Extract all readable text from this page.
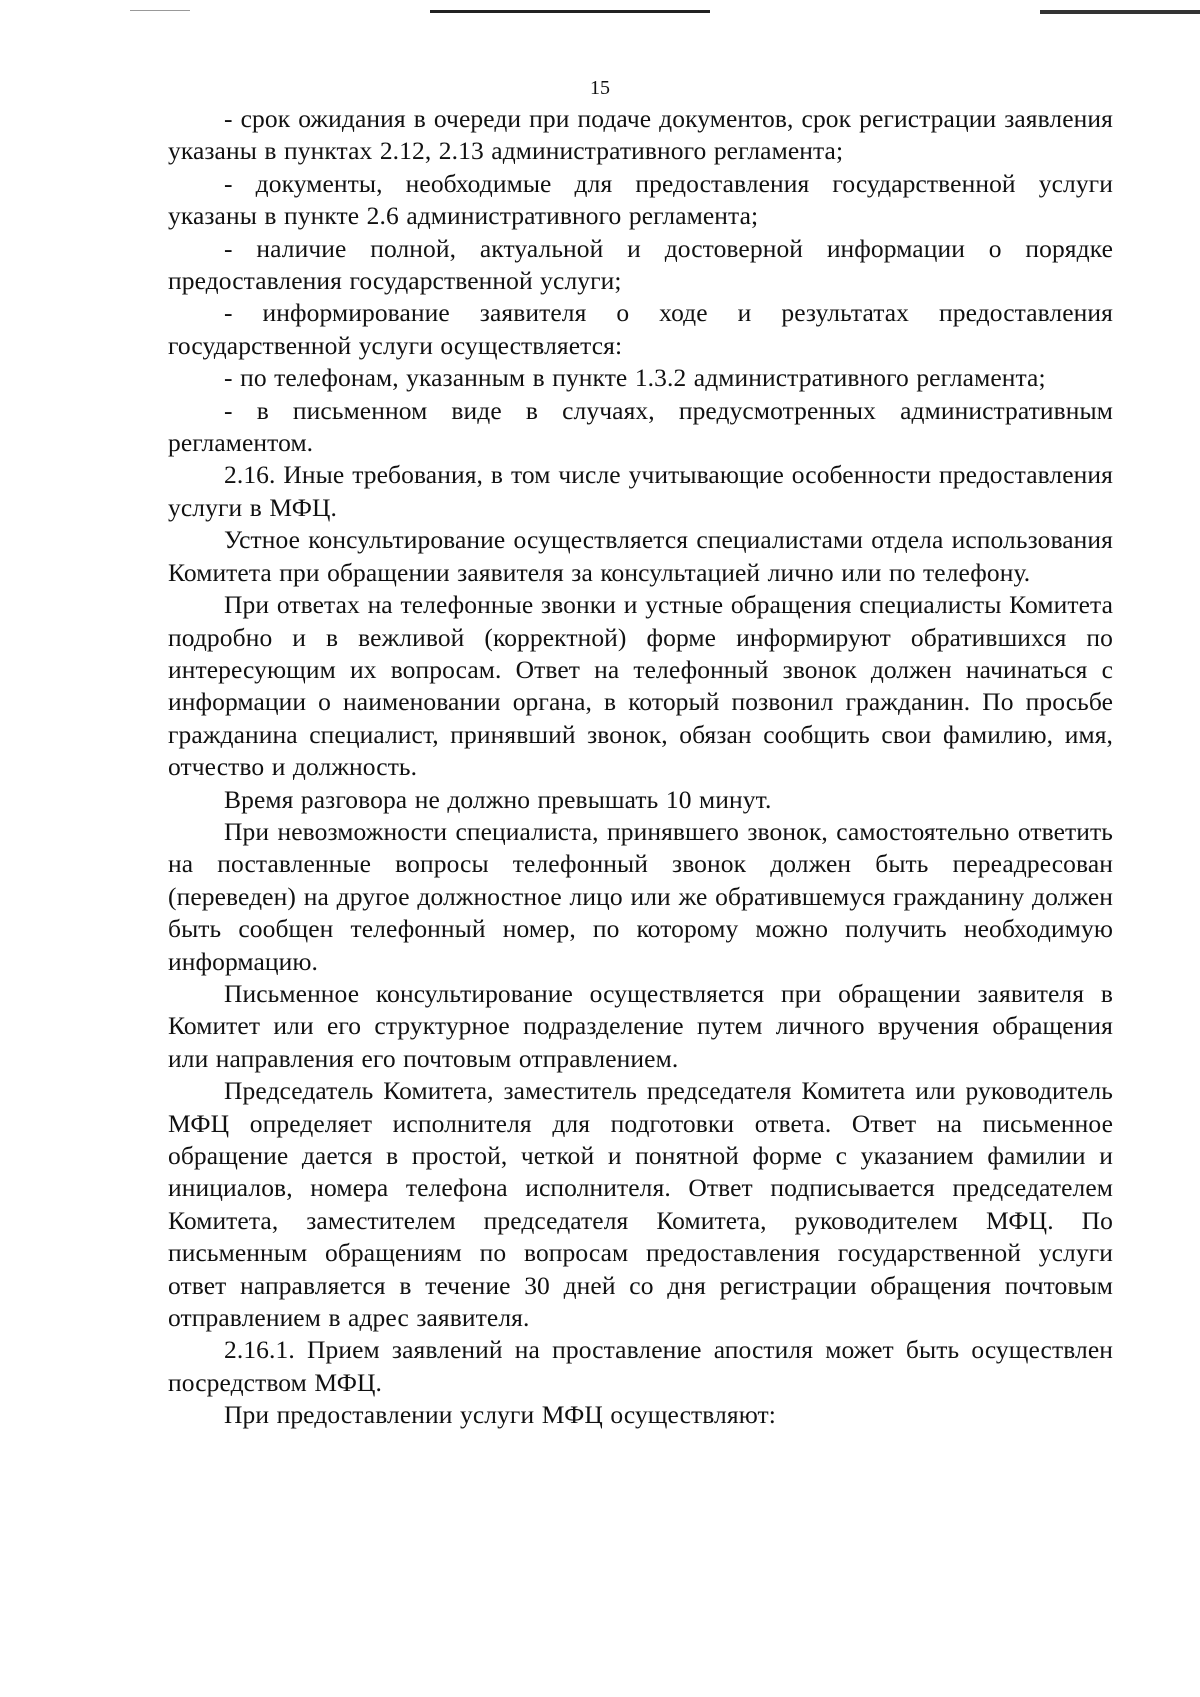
15

- срок ожидания в очереди при подаче документов, срок регистрации заявления указаны в пунктах 2.12, 2.13 административного регламента;

- документы, необходимые для предоставления государственной услуги указаны в пункте 2.6 административного регламента;

- наличие полной, актуальной и достоверной информации о порядке предоставления государственной услуги;

- информирование заявителя о ходе и результатах предоставления государственной услуги осуществляется:

- по телефонам, указанным в пункте 1.3.2 административного регламента;

- в письменном виде в случаях, предусмотренных административным регламентом.

2.16. Иные требования, в том числе учитывающие особенности предоставления услуги в МФЦ.

Устное консультирование осуществляется специалистами отдела использования Комитета при обращении заявителя за консультацией лично или по телефону.

При ответах на телефонные звонки и устные обращения специалисты Комитета подробно и в вежливой (корректной) форме информируют обратившихся по интересующим их вопросам. Ответ на телефонный звонок должен начинаться с информации о наименовании органа, в который позвонил гражданин. По просьбе гражданина специалист, принявший звонок, обязан сообщить свои фамилию, имя, отчество и должность.

Время разговора не должно превышать 10 минут.

При невозможности специалиста, принявшего звонок, самостоятельно ответить на поставленные вопросы телефонный звонок должен быть переадресован (переведен) на другое должностное лицо или же обратившемуся гражданину должен быть сообщен телефонный номер, по которому можно получить необходимую информацию.

Письменное консультирование осуществляется при обращении заявителя в Комитет или его структурное подразделение путем личного вручения обращения или направления его почтовым отправлением.

Председатель Комитета, заместитель председателя Комитета или руководитель МФЦ определяет исполнителя для подготовки ответа. Ответ на письменное обращение дается в простой, четкой и понятной форме с указанием фамилии и инициалов, номера телефона исполнителя. Ответ подписывается председателем Комитета, заместителем председателя Комитета, руководителем МФЦ. По письменным обращениям по вопросам предоставления государственной услуги ответ направляется в течение 30 дней со дня регистрации обращения почтовым отправлением в адрес заявителя.

2.16.1. Прием заявлений на проставление апостиля может быть осуществлен посредством МФЦ.

При предоставлении услуги МФЦ осуществляют:
